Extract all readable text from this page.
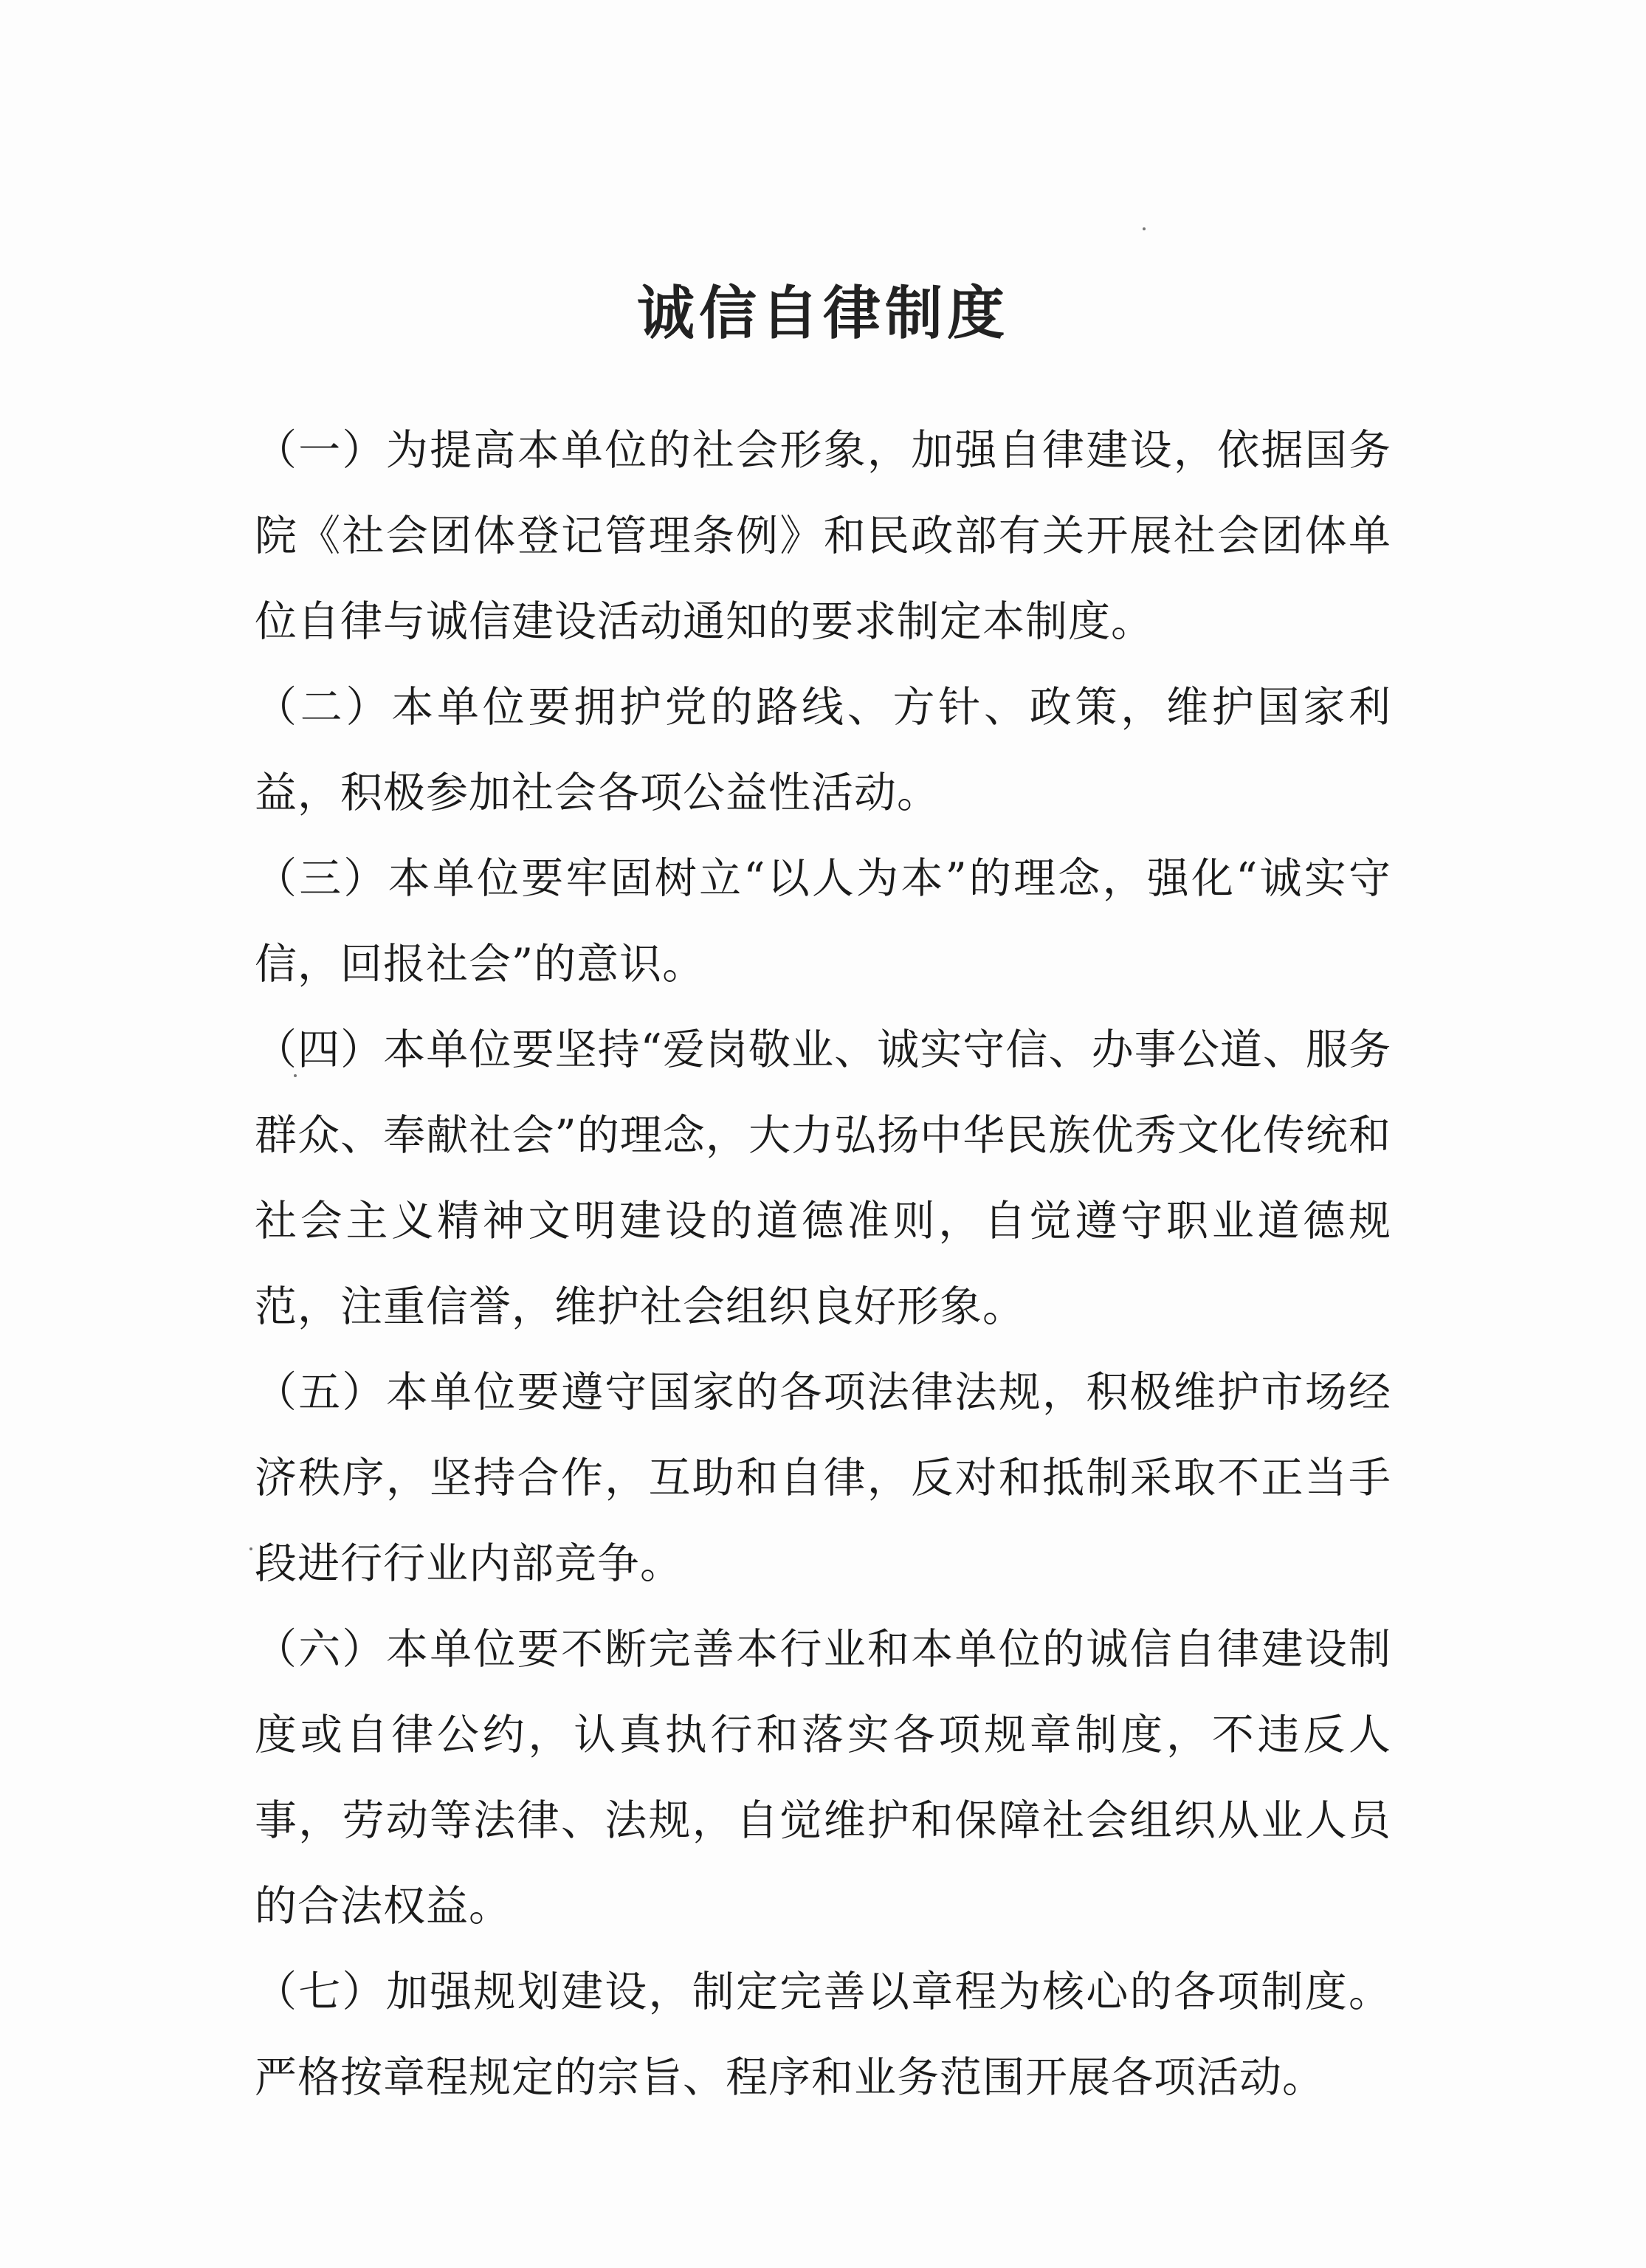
诚信自律制度

（一）为提高本单位的社会形象，加强自律建设，依据国务院《社会团体登记管理条例》和民政部有关开展社会团体单位自律与诚信建设活动通知的要求制定本制度。

（二）本单位要拥护党的路线、方针、政策，维护国家利益，积极参加社会各项公益性活动。

（三）本单位要牢固树立“以人为本”的理念，强化“诚实守信，回报社会”的意识。

（四）本单位要坚持“爱岗敬业、诚实守信、办事公道、服务群众、奉献社会”的理念，大力弘扬中华民族优秀文化传统和社会主义精神文明建设的道德准则，自觉遵守职业道德规范，注重信誉，维护社会组织良好形象。

（五）本单位要遵守国家的各项法律法规，积极维护市场经济秩序，坚持合作，互助和自律，反对和抵制采取不正当手段进行行业内部竞争。

（六）本单位要不断完善本行业和本单位的诚信自律建设制度或自律公约，认真执行和落实各项规章制度，不违反人事，劳动等法律、法规，自觉维护和保障社会组织从业人员的合法权益。

（七）加强规划建设，制定完善以章程为核心的各项制度。严格按章程规定的宗旨、程序和业务范围开展各项活动。
